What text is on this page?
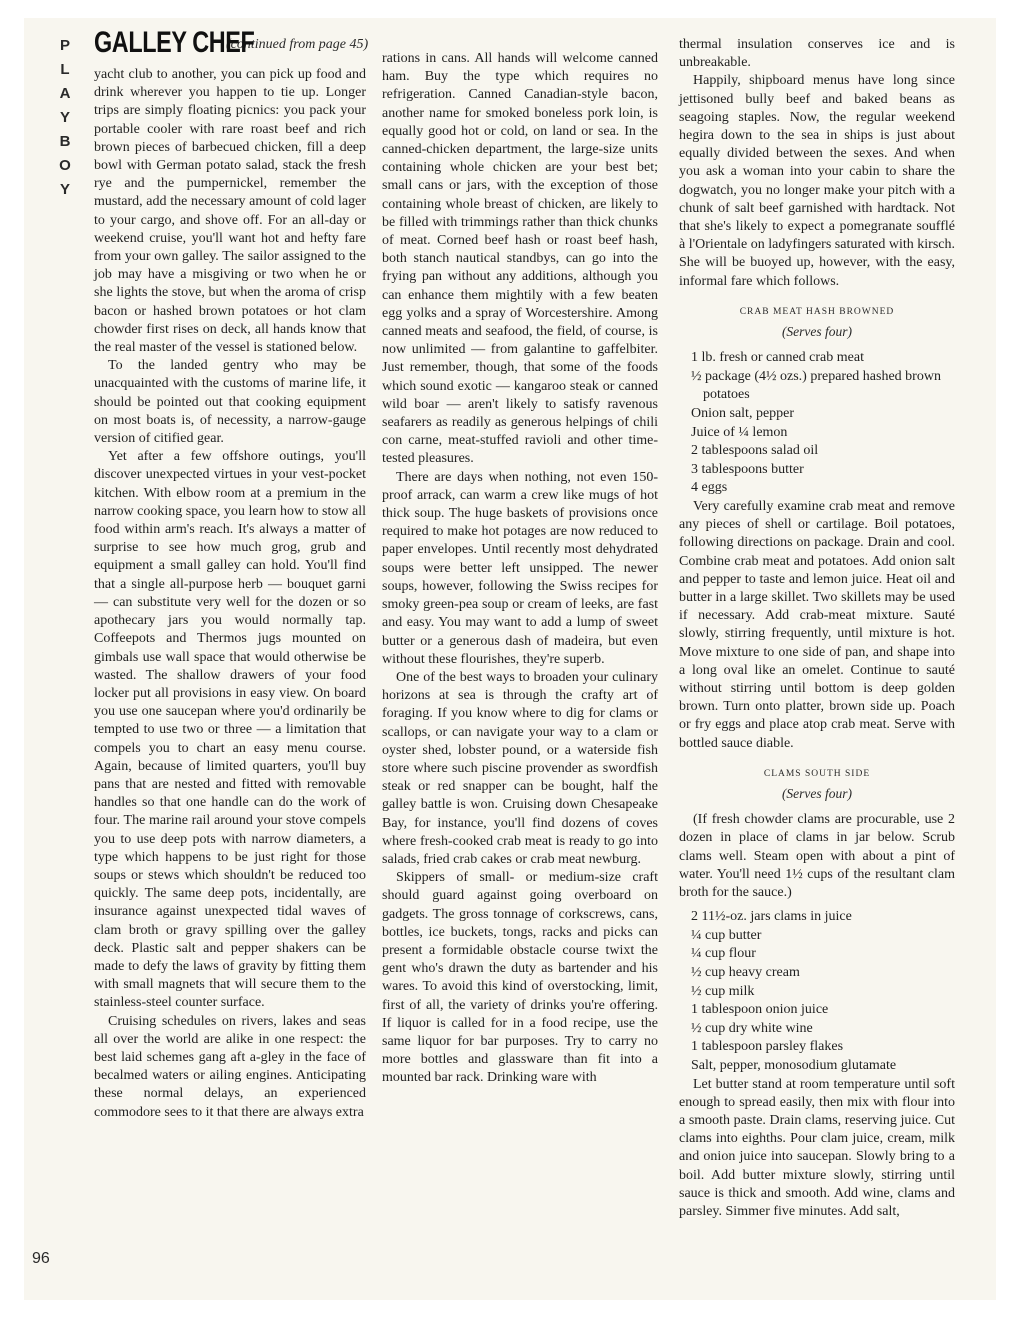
P
L
A
Y
B
O
Y
96
GALLEY CHEF (continued from page 45)

yacht club to another, you can pick up food and drink wherever you happen to tie up. Longer trips are simply floating picnics: you pack your portable cooler with rare roast beef and rich brown pieces of barbecued chicken, fill a deep bowl with German potato salad, stack the fresh rye and the pumpernickel, remember the mustard, add the necessary amount of cold lager to your cargo, and shove off. For an all-day or weekend cruise, you'll want hot and hefty fare from your own galley. The sailor assigned to the job may have a misgiving or two when he or she lights the stove, but when the aroma of crisp bacon or hashed brown potatoes or hot clam chowder first rises on deck, all hands know that the real master of the vessel is stationed below.

To the landed gentry who may be unacquainted with the customs of marine life, it should be pointed out that cooking equipment on most boats is, of necessity, a narrow-gauge version of citified gear.

Yet after a few offshore outings, you'll discover unexpected virtues in your vest-pocket kitchen. With elbow room at a premium in the narrow cooking space, you learn how to stow all food within arm's reach. It's always a matter of surprise to see how much grog, grub and equipment a small galley can hold. You'll find that a single all-purpose herb — bouquet garni — can substitute very well for the dozen or so apothecary jars you would normally tap. Coffeepots and Thermos jugs mounted on gimbals use wall space that would otherwise be wasted. The shallow drawers of your food locker put all provisions in easy view. On board you use one saucepan where you'd ordinarily be tempted to use two or three — a limitation that compels you to chart an easy menu course. Again, because of limited quarters, you'll buy pans that are nested and fitted with removable handles so that one handle can do the work of four. The marine rail around your stove compels you to use deep pots with narrow diameters, a type which happens to be just right for those soups or stews which shouldn't be reduced too quickly. The same deep pots, incidentally, are insurance against unexpected tidal waves of clam broth or gravy spilling over the galley deck. Plastic salt and pepper shakers can be made to defy the laws of gravity by fitting them with small magnets that will secure them to the stainless-steel counter surface.

Cruising schedules on rivers, lakes and seas all over the world are alike in one respect: the best laid schemes gang aft a-gley in the face of becalmed waters or ailing engines. Anticipating these normal delays, an experienced commodore sees to it that there are always extra

rations in cans. All hands will welcome canned ham. Buy the type which requires no refrigeration. Canned Canadian-style bacon, another name for smoked boneless pork loin, is equally good hot or cold, on land or sea. In the canned-chicken department, the large-size units containing whole chicken are your best bet; small cans or jars, with the exception of those containing whole breast of chicken, are likely to be filled with trimmings rather than thick chunks of meat. Corned beef hash or roast beef hash, both stanch nautical standbys, can go into the frying pan without any additions, although you can enhance them mightily with a few beaten egg yolks and a spray of Worcestershire. Among canned meats and seafood, the field, of course, is now unlimited — from galantine to gaffelbiter. Just remember, though, that some of the foods which sound exotic — kangaroo steak or canned wild boar — aren't likely to satisfy ravenous seafarers as readily as generous helpings of chili con carne, meat-stuffed ravioli and other time-tested pleasures.

There are days when nothing, not even 150-proof arrack, can warm a crew like mugs of hot thick soup. The huge baskets of provisions once required to make hot potages are now reduced to paper envelopes. Until recently most dehydrated soups were better left unsipped. The newer soups, however, following the Swiss recipes for smoky green-pea soup or cream of leeks, are fast and easy. You may want to add a lump of sweet butter or a generous dash of madeira, but even without these flourishes, they're superb.

One of the best ways to broaden your culinary horizons at sea is through the crafty art of foraging. If you know where to dig for clams or scallops, or can navigate your way to a clam or oyster shed, lobster pound, or a waterside fish store where such piscine provender as swordfish steak or red snapper can be bought, half the galley battle is won. Cruising down Chesapeake Bay, for instance, you'll find dozens of coves where fresh-cooked crab meat is ready to go into salads, fried crab cakes or crab meat newburg.

Skippers of small- or medium-size craft should guard against going overboard on gadgets. The gross tonnage of corkscrews, cans, bottles, ice buckets, tongs, racks and picks can present a formidable obstacle course twixt the gent who's drawn the duty as bartender and his wares. To avoid this kind of overstocking, limit, first of all, the variety of drinks you're offering. If liquor is called for in a food recipe, use the same liquor for bar purposes. Try to carry no more bottles and glassware than fit into a mounted bar rack. Drinking ware with

thermal insulation conserves ice and is unbreakable.

Happily, shipboard menus have long since jettisoned bully beef and baked beans as seagoing staples. Now, the regular weekend hegira down to the sea in ships is just about equally divided between the sexes. And when you ask a woman into your cabin to share the dogwatch, you no longer make your pitch with a chunk of salt beef garnished with hardtack. Not that she's likely to expect a pomegranate soufflé à l'Orientale on ladyfingers saturated with kirsch. She will be buoyed up, however, with the easy, informal fare which follows.

CRAB MEAT HASH BROWNED
(Serves four)
1 lb. fresh or canned crab meat
½ package (4½ ozs.) prepared hashed brown potatoes
Onion salt, pepper
Juice of ¼ lemon
2 tablespoons salad oil
3 tablespoons butter
4 eggs

Very carefully examine crab meat and remove any pieces of shell or cartilage. Boil potatoes, following directions on package. Drain and cool. Combine crab meat and potatoes. Add onion salt and pepper to taste and lemon juice. Heat oil and butter in a large skillet. Two skillets may be used if necessary. Add crab-meat mixture. Sauté slowly, stirring frequently, until mixture is hot. Move mixture to one side of pan, and shape into a long oval like an omelet. Continue to sauté without stirring until bottom is deep golden brown. Turn onto platter, brown side up. Poach or fry eggs and place atop crab meat. Serve with bottled sauce diable.

CLAMS SOUTH SIDE
(Serves four)

(If fresh chowder clams are procurable, use 2 dozen in place of clams in jar below. Scrub clams well. Steam open with about a pint of water. You'll need 1½ cups of the resultant clam broth for the sauce.)

2 11½-oz. jars clams in juice
¼ cup butter
¼ cup flour
½ cup heavy cream
½ cup milk
1 tablespoon onion juice
½ cup dry white wine
1 tablespoon parsley flakes
Salt, pepper, monosodium glutamate

Let butter stand at room temperature until soft enough to spread easily, then mix with flour into a smooth paste. Drain clams, reserving juice. Cut clams into eighths. Pour clam juice, cream, milk and onion juice into saucepan. Slowly bring to a boil. Add butter mixture slowly, stirring until sauce is thick and smooth. Add wine, clams and parsley. Simmer five minutes. Add salt,
